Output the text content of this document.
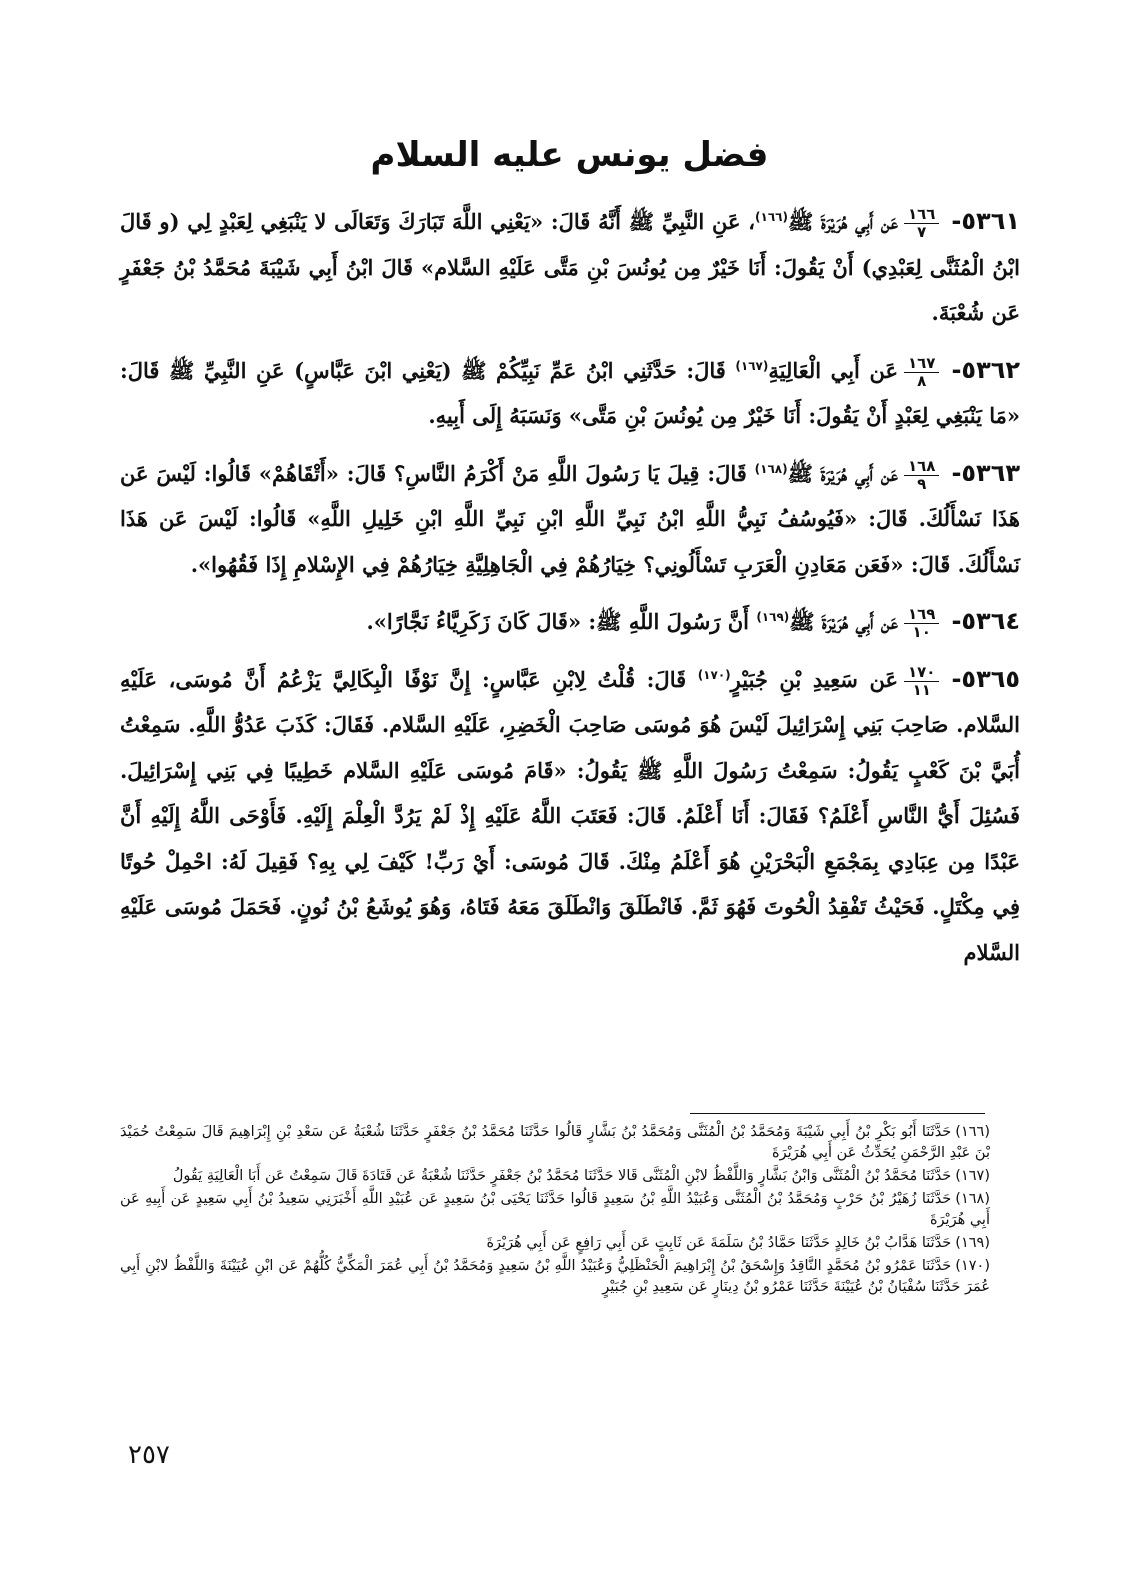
فضل يونس عليه السلام

٥٣٦١-
$\frac{١٦٦}{٧}$
عَن أَبِي هُرَيْرَةَ ﷺ$^{(١٦٦)}$، عَنِ النَّبِيِّ ﷺ أَنَّهُ قَالَ: «يَعْنِي اللَّهَ تَبَارَكَ وَتَعَالَى لا يَنْبَغِي لِعَبْدٍ لِي (و قَالَ ابْنُ الْمُثَنَّى لِعَبْدِي) أَنْ يَقُولَ: أَنَا خَيْرٌ مِن يُونُسَ بْنِ مَتَّى عَلَيْهِ السَّلام» قَالَ ابْنُ أَبِي شَيْبَةَ مُحَمَّدُ بْنُ جَعْفَرٍ عَن شُعْبَةَ.

٥٣٦٢-
$\frac{١٦٧}{٨}$
عَن أَبِي الْعَالِيَةِ$^{(١٦٧)}$ قَالَ: حَدَّثَنِي ابْنُ عَمِّ نَبِيِّكُمْ ﷺ (يَعْنِي ابْنَ عَبَّاسٍ) عَنِ النَّبِيِّ ﷺ قَالَ: «مَا يَنْبَغِي لِعَبْدٍ أَنْ يَقُولَ: أَنَا خَيْرٌ مِن يُونُسَ بْنِ مَتَّى» وَنَسَبَهُ إِلَى أَبِيهِ.

٥٣٦٣-
$\frac{١٦٨}{٩}$
عَن أَبِي هُرَيْرَةَ ﷺ$^{(١٦٨)}$ قَالَ: قِيلَ يَا رَسُولَ اللَّهِ مَنْ أَكْرَمُ النَّاسِ؟ قَالَ: «أَتْقَاهُمْ» قَالُوا: لَيْسَ عَن هَذَا نَسْأَلُكَ. قَالَ: «فَيُوسُفُ نَبِيُّ اللَّهِ ابْنُ نَبِيِّ اللَّهِ ابْنِ نَبِيِّ اللَّهِ ابْنِ خَلِيلِ اللَّهِ» قَالُوا: لَيْسَ عَن هَذَا نَسْأَلُكَ. قَالَ: «فَعَن مَعَادِنِ الْعَرَبِ تَسْأَلُونِي؟ خِيَارُهُمْ فِي الْجَاهِلِيَّةِ خِيَارُهُمْ فِي الإِسْلامِ إِذَا فَقُهُوا».

٥٣٦٤-
$\frac{١٦٩}{١٠}$
عَن أَبِي هُرَيْرَةَ ﷺ$^{(١٦٩)}$ أَنَّ رَسُولَ اللَّهِ ﷺ: «قَالَ كَانَ زَكَرِيَّاءُ نَجَّارًا».

٥٣٦٥-
$\frac{١٧٠}{١١}$
عَن سَعِيدِ بْنِ جُبَيْرٍ$^{(١٧٠)}$ قَالَ: قُلْتُ لِابْنِ عَبَّاسٍ: إِنَّ نَوْفًا الْبِكَالِيَّ يَزْعُمُ أَنَّ مُوسَى، عَلَيْهِ السَّلام. صَاحِبَ بَنِي إِسْرَائِيلَ لَيْسَ هُوَ مُوسَى صَاحِبَ الْخَضِرِ، عَلَيْهِ السَّلام. فَقَالَ: كَذَبَ عَدُوُّ اللَّهِ. سَمِعْتُ أُبَيَّ بْنَ كَعْبٍ يَقُولُ: سَمِعْتُ رَسُولَ اللَّهِ ﷺ يَقُولُ: «قَامَ مُوسَى عَلَيْهِ السَّلام خَطِيبًا فِي بَنِي إِسْرَائِيلَ. فَسُئِلَ أَيُّ النَّاسِ أَعْلَمُ؟ فَقَالَ: أَنَا أَعْلَمُ. قَالَ: فَعَتَبَ اللَّهُ عَلَيْهِ إِذْ لَمْ يَرُدَّ الْعِلْمَ إِلَيْهِ. فَأَوْحَى اللَّهُ إِلَيْهِ أَنَّ عَبْدًا مِن عِبَادِي بِمَجْمَعِ الْبَحْرَيْنِ هُوَ أَعْلَمُ مِنْكَ. قَالَ مُوسَى: أَيْ رَبِّ! كَيْفَ لِي بِهِ؟ فَقِيلَ لَهُ: احْمِلْ حُوتًا فِي مِكْتَلٍ. فَحَيْثُ تَفْقِدُ الْحُوتَ فَهُوَ ثَمَّ. فَانْطَلَقَ وَانْطَلَقَ مَعَهُ فَتَاهُ، وَهُوَ يُوشَعُ بْنُ نُونٍ. فَحَمَلَ مُوسَى عَلَيْهِ السَّلام

(١٦٦)حَدَّثَنَا أَبُو بَكْرِ بْنُ أَبِي شَيْبَةَ وَمُحَمَّدُ بْنُ الْمُثَنَّى وَمُحَمَّدُ بْنُ بَشَّارٍ قَالُوا حَدَّثَنَا مُحَمَّدُ بْنُ جَعْفَرٍ حَدَّثَنَا شُعْبَةُ عَن سَعْدِ بْنِ إِبْرَاهِيمَ قَالَ سَمِعْتُ حُمَيْدَ بْنَ عَبْدِ الرَّحْمَنِ يُحَدِّثُ عَن أَبِي هُرَيْرَةَ

(١٦٧)حَدَّثَنَا مُحَمَّدُ بْنُ الْمُثَنَّى وَابْنُ بَشَّارٍ وَاللَّفْظُ لابْنِ الْمُثَنَّى قَالا حَدَّثَنَا مُحَمَّدُ بْنُ جَعْفَرٍ حَدَّثَنَا شُعْبَةُ عَن قَتَادَةَ قَالَ سَمِعْتُ عَن أَبَا الْعَالِيَةِ يَقُولُ

(١٦٨)حَدَّثَنَا زُهَيْرُ بْنُ حَرْبٍ وَمُحَمَّدُ بْنُ الْمُثَنَّى وَعُبَيْدُ اللَّهِ بْنُ سَعِيدٍ قَالُوا حَدَّثَنَا يَحْيَى بْنُ سَعِيدٍ عَن عُبَيْدِ اللَّهِ أَخْبَرَنِي سَعِيدُ بْنُ أَبِي سَعِيدٍ عَن أَبِيهِ عَن أَبِي هُرَيْرَةَ

(١٦٩)حَدَّثَنَا هَدَّابُ بْنُ خَالِدٍ حَدَّثَنَا حَمَّادُ بْنُ سَلَمَةَ عَن ثَابِتٍ عَن أَبِي رَافِعٍ عَن أَبِي هُرَيْرَةَ

(١٧٠)حَدَّثَنَا عَمْرُو بْنُ مُحَمَّدٍ النَّاقِدُ وَإِسْحَقُ بْنُ إِبْرَاهِيمَ الْحَنْظَلِيُّ وَعُبَيْدُ اللَّهِ بْنُ سَعِيدٍ وَمُحَمَّدُ بْنُ أَبِي عُمَرَ الْمَكِّيُّ كُلُّهُمْ عَن ابْنِ عُيَيْنَةَ وَاللَّفْظُ لابْنِ أَبِي عُمَرَ حَدَّثَنَا سُفْيَانُ بْنُ عُيَيْنَةَ حَدَّثَنَا عَمْرُو بْنُ دِينَارٍ عَن سَعِيدِ بْنِ جُبَيْرٍ

٢٥٧
